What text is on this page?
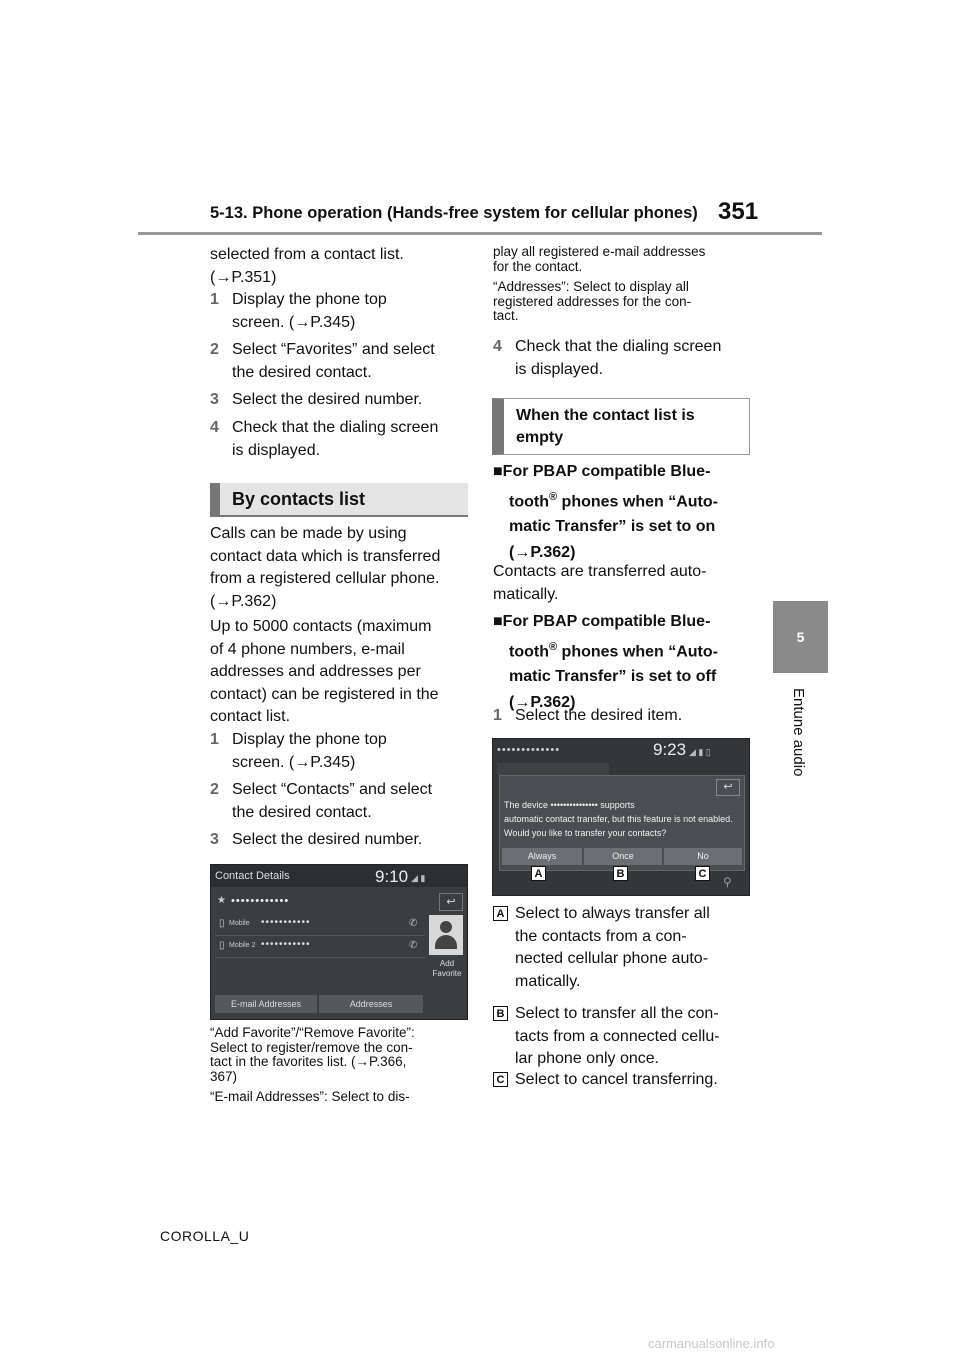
5-13. Phone operation (Hands-free system for cellular phones) 351
5
Entune audio
selected from a contact list.
(→P.351)
1 Display the phone top
screen. (→P.345)
2 Select “Favorites” and select
the desired contact.
3 Select the desired number.
4 Check that the dialing screen
is displayed.
By contacts list
Calls can be made by using
contact data which is transferred
from a registered cellular phone.
(→P.362)
Up to 5000 contacts (maximum
of 4 phone numbers, e-mail
addresses and addresses per
contact) can be registered in the
contact list.
1 Display the phone top
screen. (→P.345)
2 Select “Contacts” and select
the desired contact.
3 Select the desired number.
Contact Details	9:10 ◢ ▮
↩
★ ••••••••••••
▯ Mobile •••••••••••	✆
▯ Mobile 2 •••••••••••	✆
Add
Favorite
E-mail Addresses	Addresses
“Add Favorite”/“Remove Favorite”:
Select to register/remove the con-
tact in the favorites list. (→P.366,
367)
“E-mail Addresses”: Select to dis-
play all registered e-mail addresses
for the contact.
“Addresses”: Select to display all
registered addresses for the con-
tact.
4 Check that the dialing screen
is displayed.
When the contact list is
empty
■For PBAP compatible Blue-
tooth® phones when “Auto-
matic Transfer” is set to on
(→P.362)
Contacts are transferred auto-
matically.
■For PBAP compatible Blue-
tooth® phones when “Auto-
matic Transfer” is set to off
(→P.362)
1 Select the desired item.
•••••••••••••	9:23 ◢ ▮ ▯
↩
The device ••••••••••••••• supports
automatic contact transfer, but this feature is not enabled.
Would you like to transfer your contacts?
Always	Once	No
⚲
A	B	C
A Select to always transfer all
the contacts from a con-
nected cellular phone auto-
matically.
B Select to transfer all the con-
tacts from a connected cellu-
lar phone only once.
C Select to cancel transferring.
COROLLA_U
carmanualsonline.info
